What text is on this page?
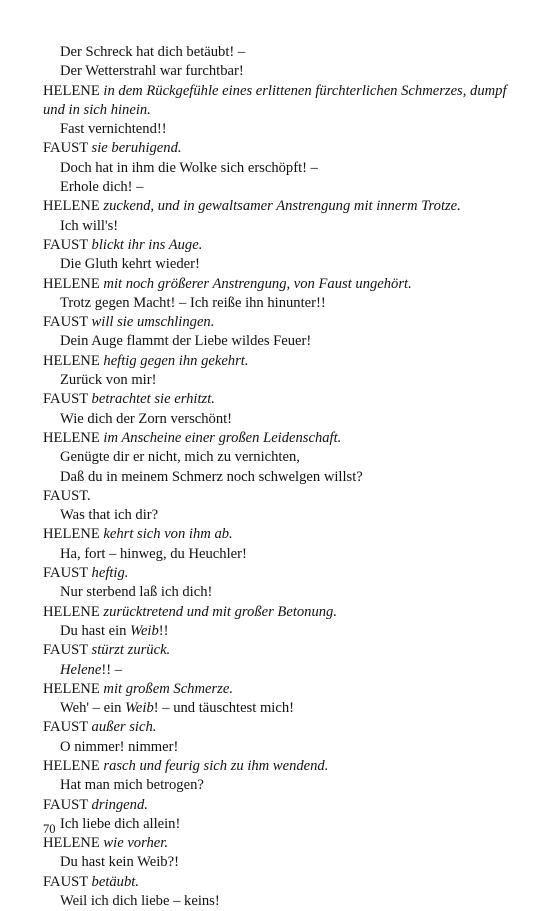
Der Schreck hat dich betäubt! –
Der Wetterstrahl war furchtbar!
HELENE in dem Rückgefühle eines erlittenen fürchterlichen Schmerzes, dumpf und in sich hinein.
Fast vernichtend!!
FAUST sie beruhigend.
Doch hat in ihm die Wolke sich erschöpft! –
Erhole dich! –
HELENE zuckend, und in gewaltsamer Anstrengung mit innerm Trotze.
Ich will's!
FAUST blickt ihr ins Auge.
Die Gluth kehrt wieder!
HELENE mit noch größerer Anstrengung, von Faust ungehört.
Trotz gegen Macht! – Ich reiße ihn hinunter!!
FAUST will sie umschlingen.
Dein Auge flammt der Liebe wildes Feuer!
HELENE heftig gegen ihn gekehrt.
Zurück von mir!
FAUST betrachtet sie erhitzt.
Wie dich der Zorn verschönt!
HELENE im Anscheine einer großen Leidenschaft.
Genügte dir er nicht, mich zu vernichten,
Daß du in meinem Schmerz noch schwelgen willst?
FAUST.
Was that ich dir?
HELENE kehrt sich von ihm ab.
Ha, fort – hinweg, du Heuchler!
FAUST heftig.
Nur sterbend laß ich dich!
HELENE zurücktretend und mit großer Betonung.
Du hast ein Weib!!
FAUST stürzt zurück.
Helene!! –
HELENE mit großem Schmerze.
Weh' – ein Weib! – und täuschtest mich!
FAUST außer sich.
O nimmer! nimmer!
HELENE rasch und feurig sich zu ihm wendend.
Hat man mich betrogen?
FAUST dringend.
Ich liebe dich allein!
HELENE wie vorher.
Du hast kein Weib?!
FAUST betäubt.
Weil ich dich liebe – keins!
70
